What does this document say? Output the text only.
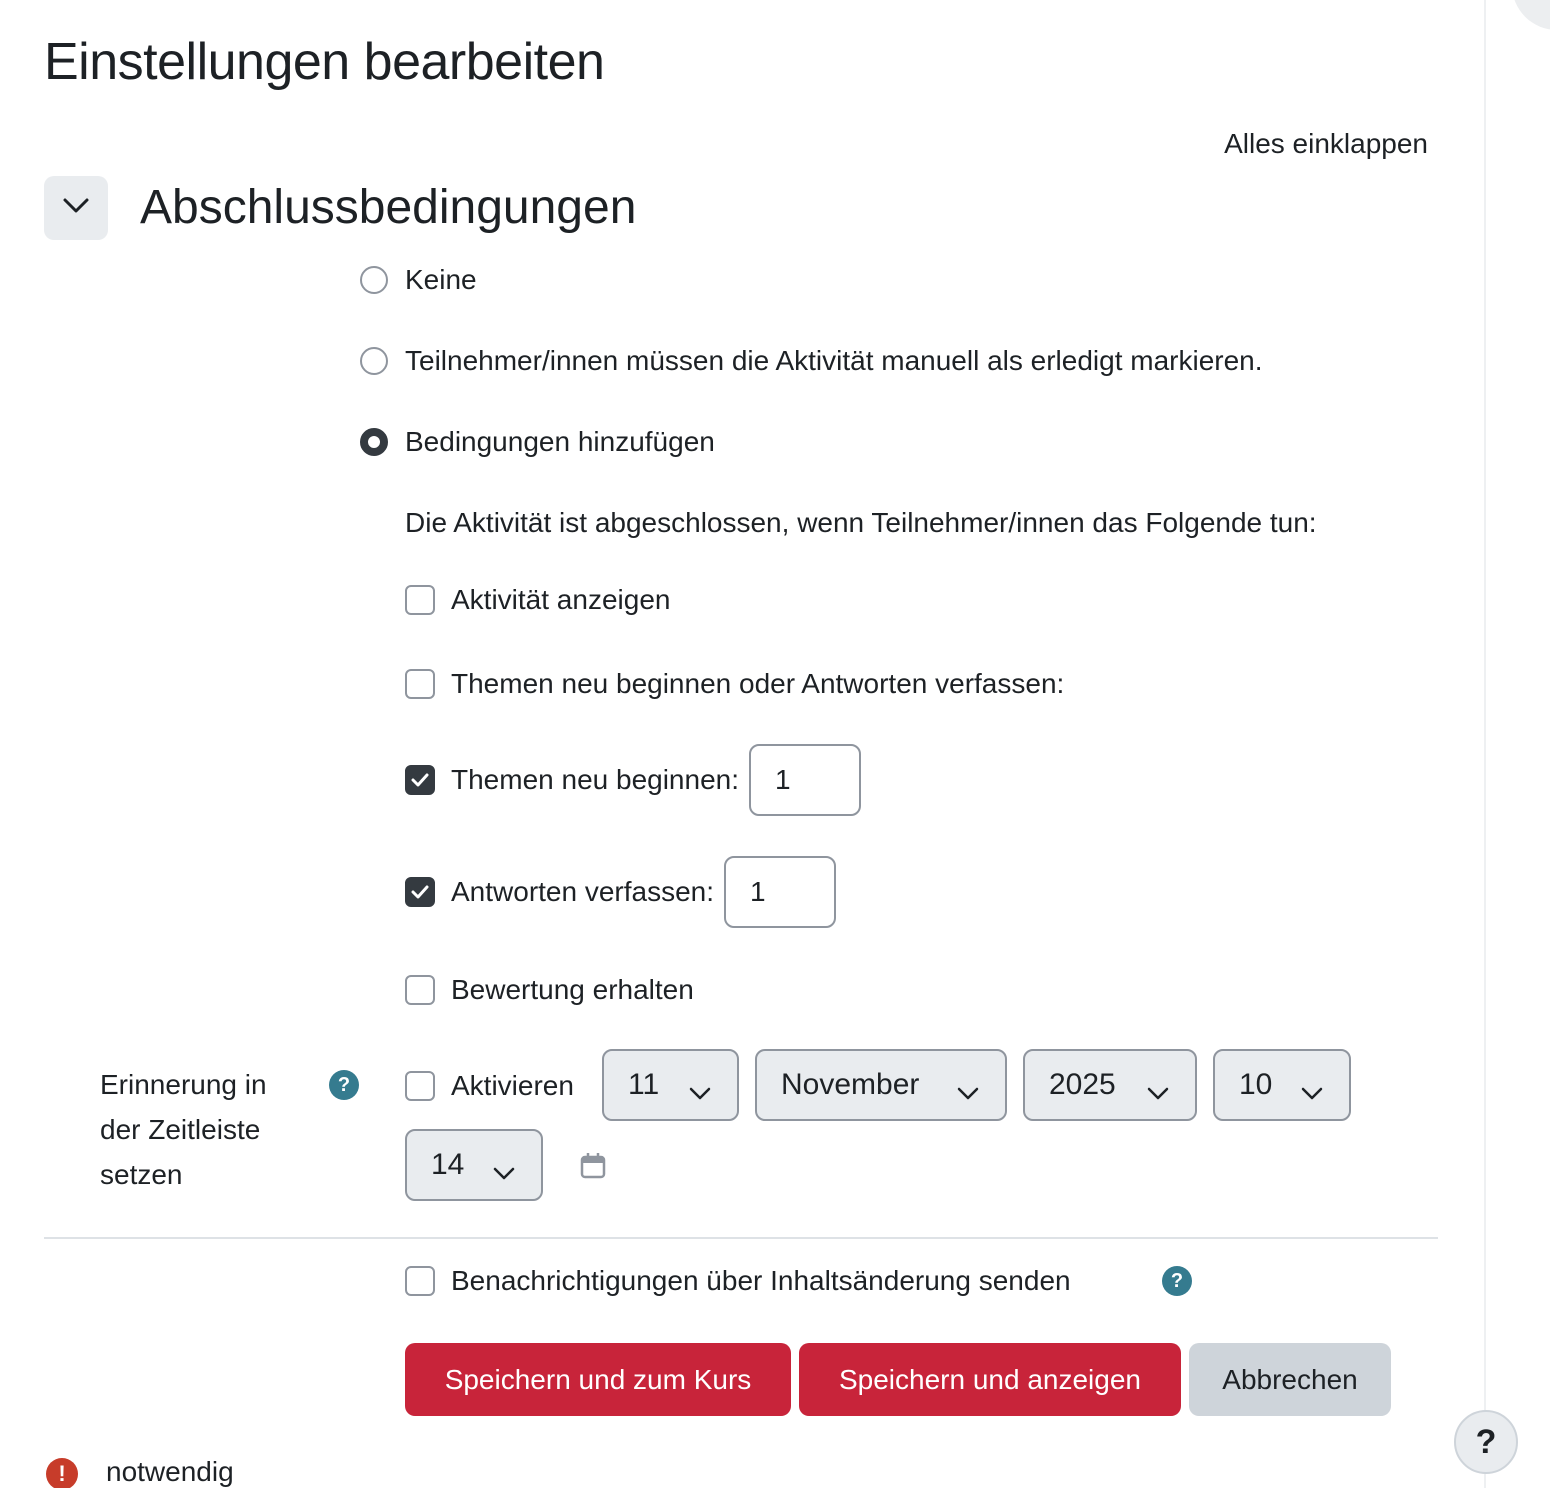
Einstellungen bearbeiten
Alles einklappen
Abschlussbedingungen
Keine
Teilnehmer/innen müssen die Aktivität manuell als erledigt markieren.
Bedingungen hinzufügen
Die Aktivität ist abgeschlossen, wenn Teilnehmer/innen das Folgende tun:
Aktivität anzeigen
Themen neu beginnen oder Antworten verfassen:
Themen neu beginnen:
1
Antworten verfassen:
1
Bewertung erhalten
Erinnerung in der Zeitleiste setzen
?	Aktivieren 11	November	2025	10
14
Benachrichtigungen über Inhaltsänderung senden	?
Speichern und zum Kurs	Speichern und anzeigen	Abbrechen
!	notwendig
?
